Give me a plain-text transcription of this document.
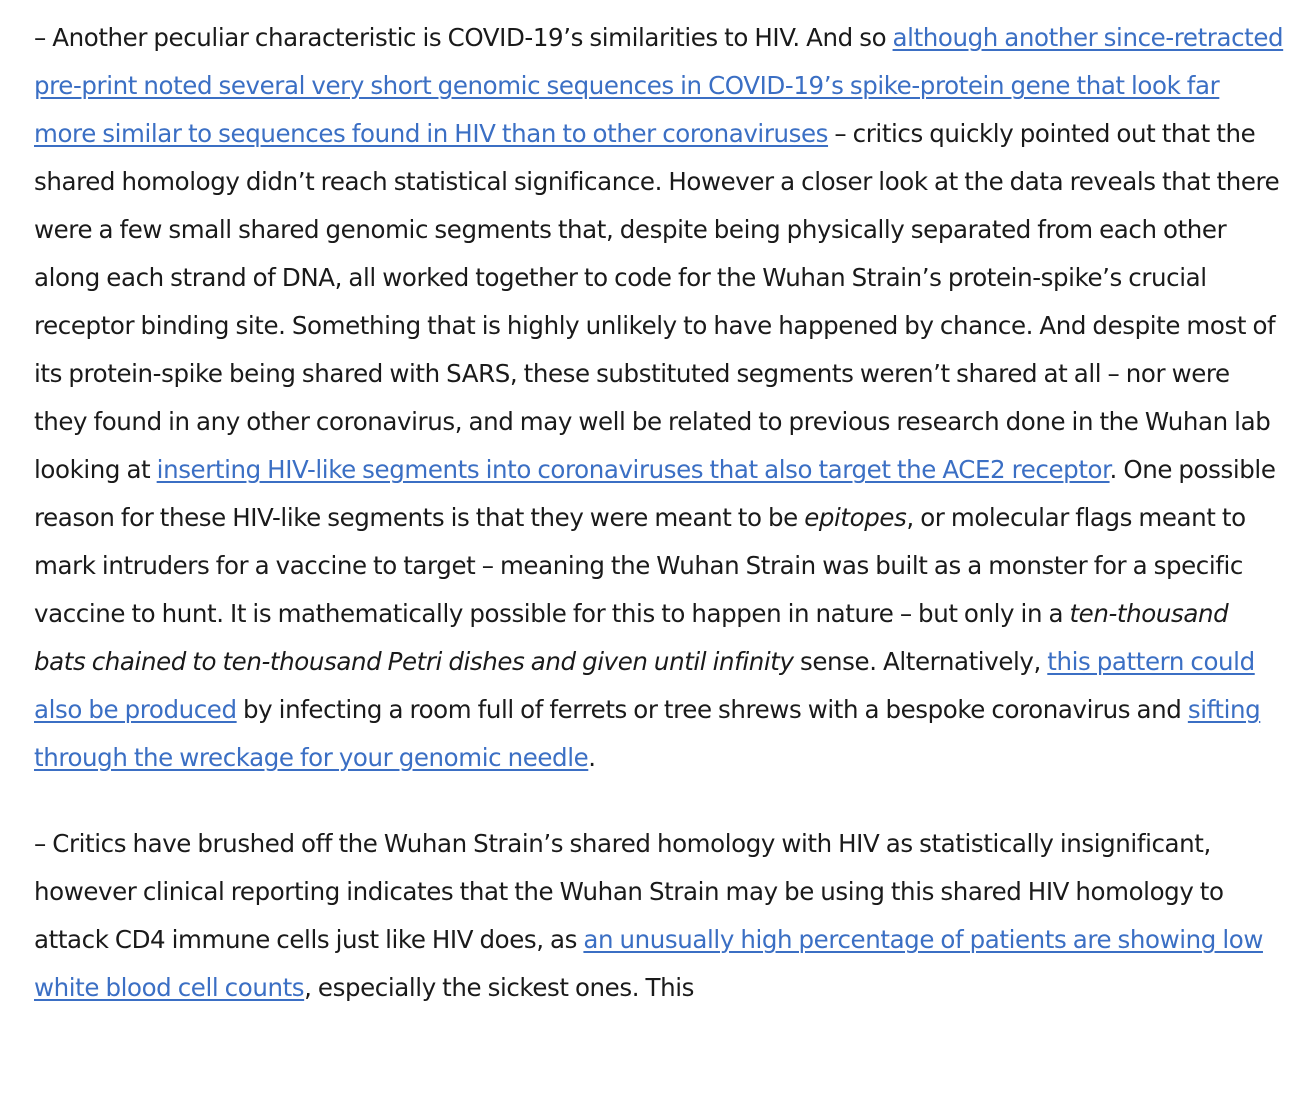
– Another peculiar characteristic is COVID-19’s similarities to HIV. And so although another since-retracted pre-print noted several very short genomic sequences in COVID-19’s spike-protein gene that look far more similar to sequences found in HIV than to other coronaviruses – critics quickly pointed out that the shared homology didn’t reach statistical significance. However a closer look at the data reveals that there were a few small shared genomic segments that, despite being physically separated from each other along each strand of DNA, all worked together to code for the Wuhan Strain’s protein-spike’s crucial receptor binding site. Something that is highly unlikely to have happened by chance. And despite most of its protein-spike being shared with SARS, these substituted segments weren’t shared at all – nor were they found in any other coronavirus, and may well be related to previous research done in the Wuhan lab looking at inserting HIV-like segments into coronaviruses that also target the ACE2 receptor. One possible reason for these HIV-like segments is that they were meant to be epitopes, or molecular flags meant to mark intruders for a vaccine to target – meaning the Wuhan Strain was built as a monster for a specific vaccine to hunt. It is mathematically possible for this to happen in nature – but only in a ten-thousand bats chained to ten-thousand Petri dishes and given until infinity sense. Alternatively, this pattern could also be produced by infecting a room full of ferrets or tree shrews with a bespoke coronavirus and sifting through the wreckage for your genomic needle.

– Critics have brushed off the Wuhan Strain’s shared homology with HIV as statistically insignificant, however clinical reporting indicates that the Wuhan Strain may be using this shared HIV homology to attack CD4 immune cells just like HIV does, as an unusually high percentage of patients are showing low white blood cell counts, especially the sickest ones. This
